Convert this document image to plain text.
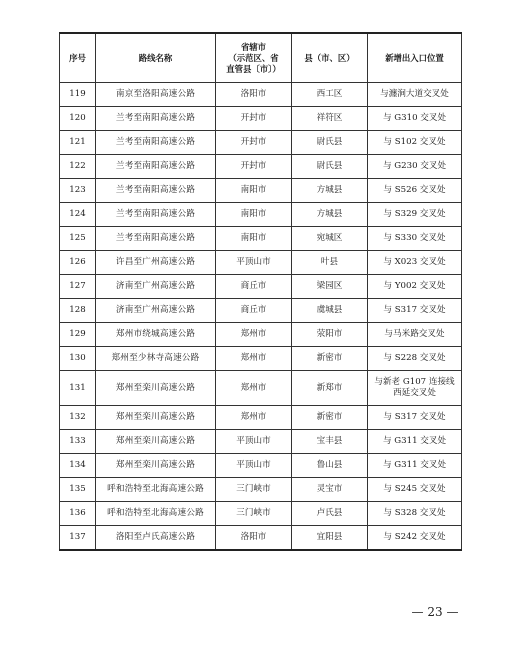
序号	路线名称	省辖市
（示范区、省
直管县〔市〕）	县（市、区）	新增出入口位置
119	南京至洛阳高速公路	洛阳市	西工区	与瀍涧大道交叉处
120	兰考至南阳高速公路	开封市	祥符区	与 G310 交叉处
121	兰考至南阳高速公路	开封市	尉氏县	与 S102 交叉处
122	兰考至南阳高速公路	开封市	尉氏县	与 G230 交叉处
123	兰考至南阳高速公路	南阳市	方城县	与 S526 交叉处
124	兰考至南阳高速公路	南阳市	方城县	与 S329 交叉处
125	兰考至南阳高速公路	南阳市	宛城区	与 S330 交叉处
126	许昌至广州高速公路	平顶山市	叶县	与 X023 交叉处
127	济南至广州高速公路	商丘市	梁园区	与 Y002 交叉处
128	济南至广州高速公路	商丘市	虞城县	与 S317 交叉处
129	郑州市绕城高速公路	郑州市	荥阳市	与马米路交叉处
130	郑州至少林寺高速公路	郑州市	新密市	与 S228 交叉处
131	郑州至栾川高速公路	郑州市	新郑市	与新老 G107 连接线
西延交叉处
132	郑州至栾川高速公路	郑州市	新密市	与 S317 交叉处
133	郑州至栾川高速公路	平顶山市	宝丰县	与 G311 交叉处
134	郑州至栾川高速公路	平顶山市	鲁山县	与 G311 交叉处
135	呼和浩特至北海高速公路	三门峡市	灵宝市	与 S245 交叉处
136	呼和浩特至北海高速公路	三门峡市	卢氏县	与 S328 交叉处
137	洛阳至卢氏高速公路	洛阳市	宜阳县	与 S242 交叉处
— 23 —
